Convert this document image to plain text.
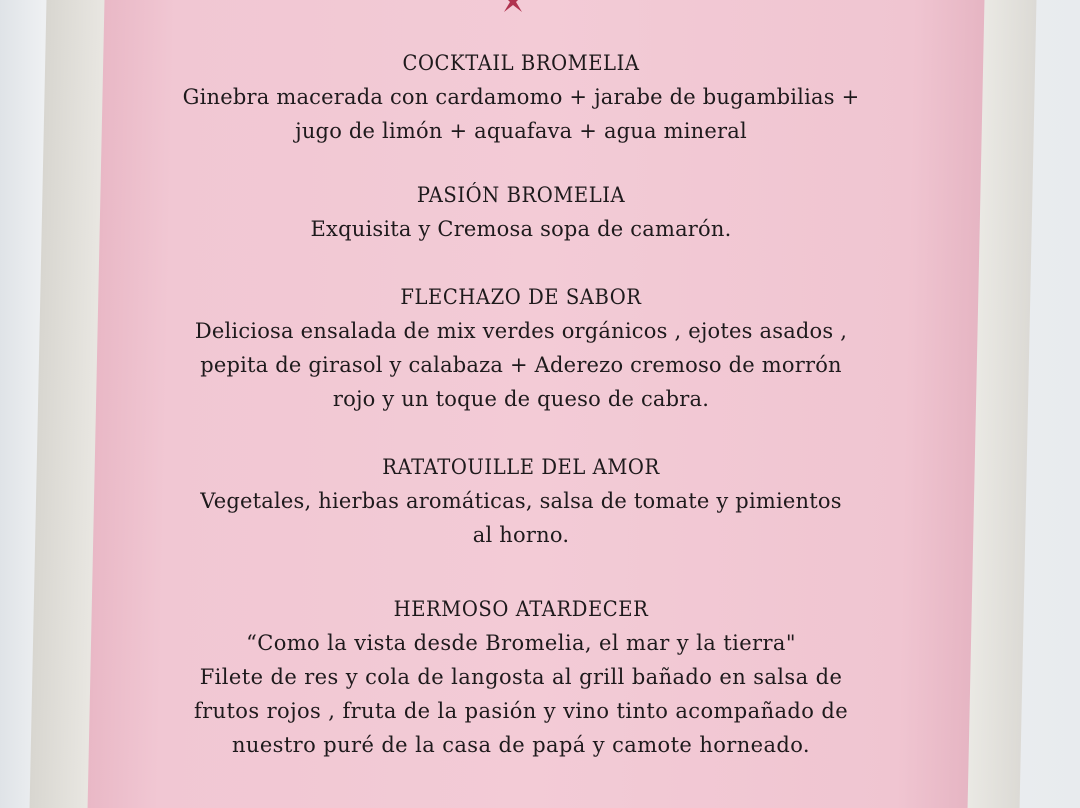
COCKTAIL BROMELIA
Ginebra macerada con cardamomo + jarabe de bugambilias +
jugo de limón + aquafava + agua mineral
PASIÓN BROMELIA
Exquisita y Cremosa sopa de camarón.
FLECHAZO DE SABOR
Deliciosa ensalada de mix verdes orgánicos , ejotes asados ,
pepita de girasol y calabaza + Aderezo cremoso de morrón
rojo y un toque de queso de cabra.
RATATOUILLE DEL AMOR
Vegetales, hierbas aromáticas, salsa de tomate y pimientos
al horno.
HERMOSO ATARDECER
“Como la vista desde Bromelia, el mar y la tierra"
Filete de res y cola de langosta al grill bañado en salsa de
frutos rojos , fruta de la pasión y vino tinto acompañado de
nuestro puré de la casa de papá y camote horneado.
